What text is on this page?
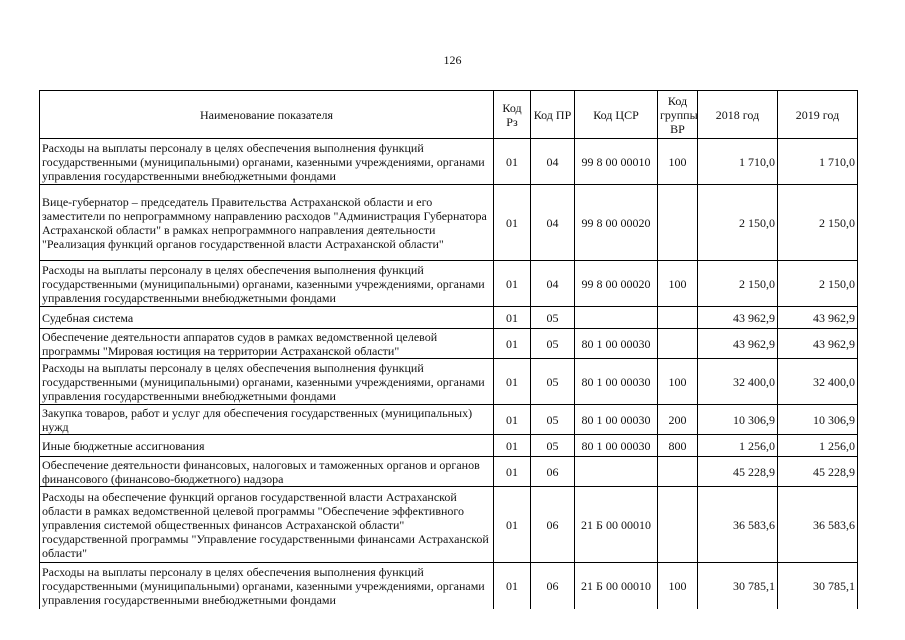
126
Наименование показателя	Код Рз	Код ПР	Код ЦСР	Код группы ВР	2018 год	2019 год
Расходы на выплаты персоналу в целях обеспечения выполнения функций государственными (муниципальными) органами, казенными учреждениями, органами управления государственными внебюджетными фондами	01	04	99 8 00 00010	100	1 710,0	1 710,0
Вице-губернатор – председатель Правительства Астраханской области и его заместители по непрограммному направлению расходов "Администрация Губернатора Астраханской области" в рамках непрограммного направления деятельности "Реализация функций органов государственной власти Астраханской области"	01	04	99 8 00 00020		2 150,0	2 150,0
Расходы на выплаты персоналу в целях обеспечения выполнения функций государственными (муниципальными) органами, казенными учреждениями, органами управления государственными внебюджетными фондами	01	04	99 8 00 00020	100	2 150,0	2 150,0
Судебная система	01	05			43 962,9	43 962,9
Обеспечение деятельности аппаратов судов в рамках ведомственной целевой программы "Мировая юстиция на территории Астраханской области"	01	05	80 1 00 00030		43 962,9	43 962,9
Расходы на выплаты персоналу в целях обеспечения выполнения функций государственными (муниципальными) органами, казенными учреждениями, органами управления государственными внебюджетными фондами	01	05	80 1 00 00030	100	32 400,0	32 400,0
Закупка товаров, работ и услуг для обеспечения государственных (муниципальных) нужд	01	05	80 1 00 00030	200	10 306,9	10 306,9
Иные бюджетные ассигнования	01	05	80 1 00 00030	800	1 256,0	1 256,0
Обеспечение деятельности финансовых, налоговых и таможенных органов и органов финансового (финансово-бюджетного) надзора	01	06			45 228,9	45 228,9
Расходы на обеспечение функций органов государственной власти Астраханской области в рамках ведомственной целевой программы "Обеспечение эффективного управления системой общественных финансов Астраханской области" государственной программы "Управление государственными финансами Астраханской области"	01	06	21 Б 00 00010		36 583,6	36 583,6
Расходы на выплаты персоналу в целях обеспечения выполнения функций государственными (муниципальными) органами, казенными учреждениями, органами управления государственными внебюджетными фондами	01	06	21 Б 00 00010	100	30 785,1	30 785,1
